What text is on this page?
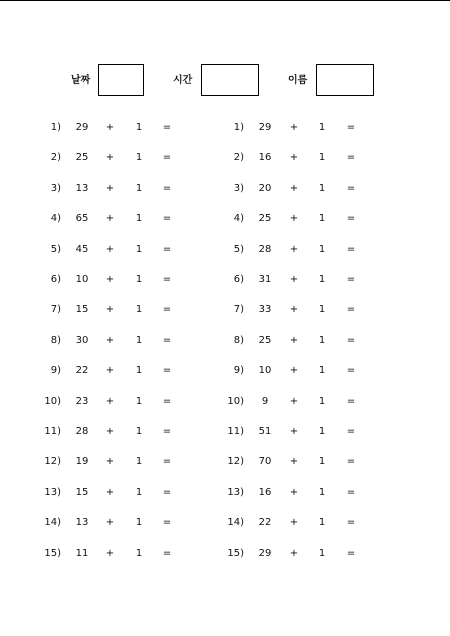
날짜	시간	이름
1)	29	+ 1 =
2)	25	+ 1 =
3)	13	+ 1 =
4)	65	+ 1 =
5)	45	+ 1 =
6)	10	+ 1 =
7)	15	+ 1 =
8)	30	+ 1 =
9)	22	+ 1 =
10)	23	+ 1 =
11)	28	+ 1 =
12)	19	+ 1 =
13)	15	+ 1 =
14)	13	+ 1 =
15)	11	+ 1 =
1)	29	+ 1 =
2)	16	+ 1 =
3)	20	+ 1 =
4)	25	+ 1 =
5)	28	+ 1 =
6)	31	+ 1 =
7)	33	+ 1 =
8)	25	+ 1 =
9)	10	+ 1 =
10)	9	+ 1 =
11)	51	+ 1 =
12)	70	+ 1 =
13)	16	+ 1 =
14)	22	+ 1 =
15)	29	+ 1 =
